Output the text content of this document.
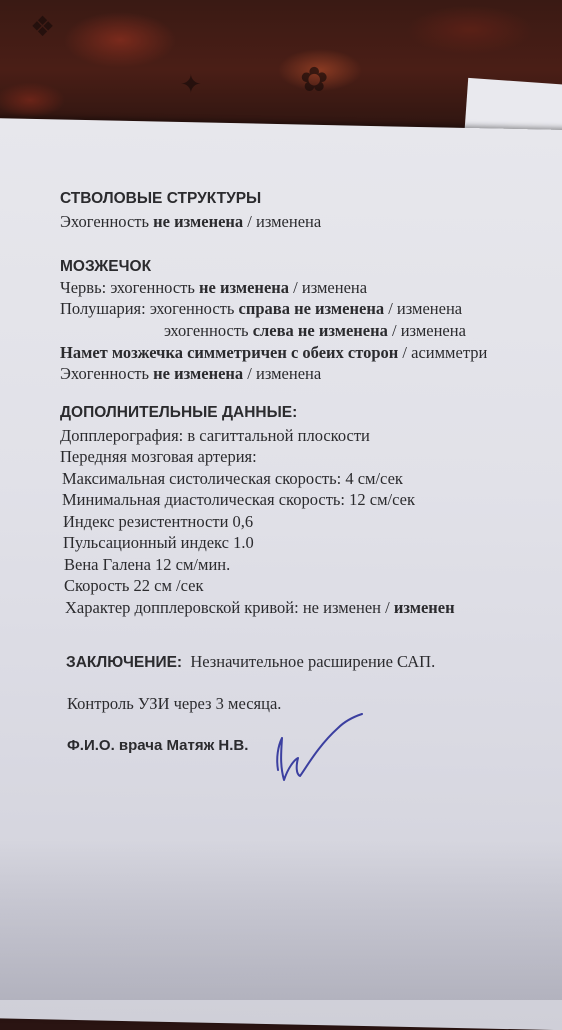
✿
❖
✦
СТВОЛОВЫЕ СТРУКТУРЫ
Эхогенность не изменена / изменена
МОЗЖЕЧОК
Червь: эхогенность не изменена / изменена
Полушария: эхогенность справа не изменена / изменена
эхогенность слева не изменена / изменена
Намет мозжечка симметричен с обеих сторон / асимметри
Эхогенность не изменена / изменена
ДОПОЛНИТЕЛЬНЫЕ ДАННЫЕ:
Допплерография: в сагиттальной плоскости
Передняя мозговая артерия:
Максимальная систолическая скорость: 4 см/сек
Минимальная диастолическая скорость: 12 см/сек
Индекс резистентности 0,6
Пульсационный индекс 1.0
Вена Галена 12 см/мин.
Скорость 22 см /сек
Характер допплеровской кривой: не изменен / изменен
ЗАКЛЮЧЕНИЕ: Незначительное расширение САП.
Контроль УЗИ через 3 месяца.
Ф.И.О. врача Матяж Н.В.
